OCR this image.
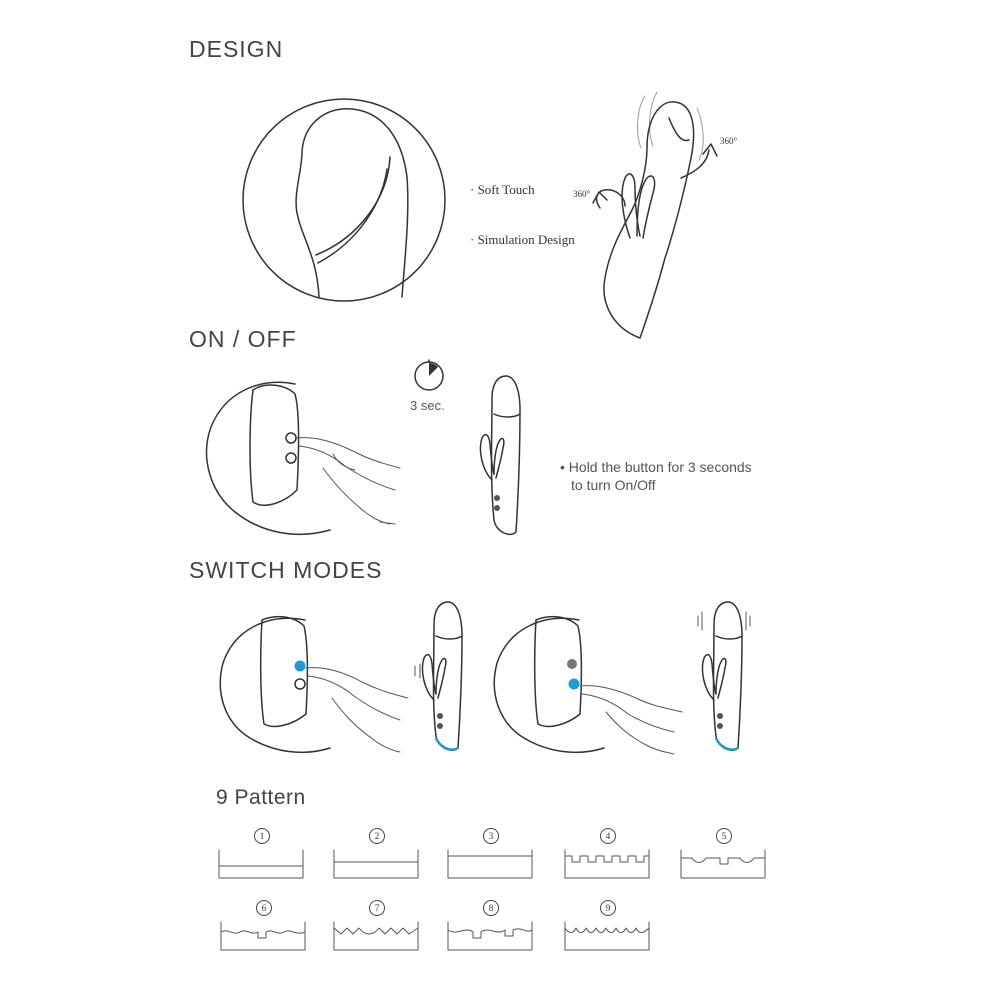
DESIGN
· Soft Touch
· Simulation Design
360°
360°
ON / OFF
3 sec.
• Hold the button for 3 seconds
to turn On/Off
SWITCH MODES
9 Pattern
1	2	3	4	5
6	7	8	9
